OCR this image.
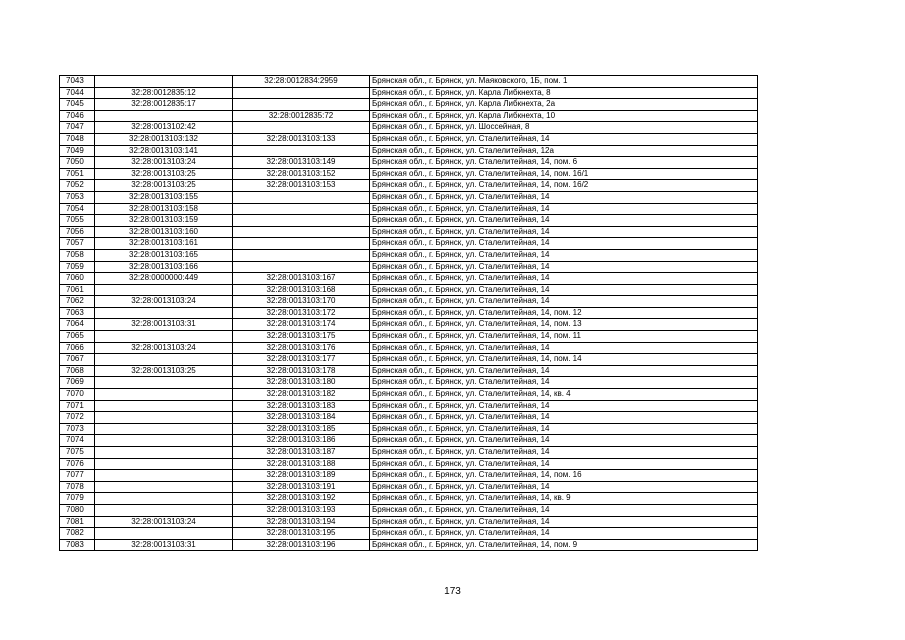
7043		32:28:0012834:2959	Брянская обл., г. Брянск, ул. Маяковского, 1Б, пом. 1
7044	32:28:0012835:12		Брянская обл., г. Брянск, ул. Карла Либкнехта, 8
7045	32:28:0012835:17		Брянская обл., г. Брянск, ул. Карла Либкнехта, 2а
7046		32:28:0012835:72	Брянская обл., г. Брянск, ул. Карла Либкнехта, 10
7047	32:28:0013102:42		Брянская обл., г. Брянск, ул. Шоссейная, 8
7048	32:28:0013103:132	32:28:0013103:133	Брянская обл., г. Брянск, ул. Сталелитейная, 14
7049	32:28:0013103:141		Брянская обл., г. Брянск, ул. Сталелитейная, 12а
7050	32:28:0013103:24	32:28:0013103:149	Брянская обл., г. Брянск, ул. Сталелитейная, 14, пом. 6
7051	32:28:0013103:25	32:28:0013103:152	Брянская обл., г. Брянск, ул. Сталелитейная, 14, пом. 16/1
7052	32:28:0013103:25	32:28:0013103:153	Брянская обл., г. Брянск, ул. Сталелитейная, 14, пом. 16/2
7053	32:28:0013103:155		Брянская обл., г. Брянск, ул. Сталелитейная, 14
7054	32:28:0013103:158		Брянская обл., г. Брянск, ул. Сталелитейная, 14
7055	32:28:0013103:159		Брянская обл., г. Брянск, ул. Сталелитейная, 14
7056	32:28:0013103:160		Брянская обл., г. Брянск, ул. Сталелитейная, 14
7057	32:28:0013103:161		Брянская обл., г. Брянск, ул. Сталелитейная, 14
7058	32:28:0013103:165		Брянская обл., г. Брянск, ул. Сталелитейная, 14
7059	32:28:0013103:166		Брянская обл., г. Брянск, ул. Сталелитейная, 14
7060	32:28:0000000:449	32:28:0013103:167	Брянская обл., г. Брянск, ул. Сталелитейная, 14
7061		32:28:0013103:168	Брянская обл., г. Брянск, ул. Сталелитейная, 14
7062	32:28:0013103:24	32:28:0013103:170	Брянская обл., г. Брянск, ул. Сталелитейная, 14
7063		32:28:0013103:172	Брянская обл., г. Брянск, ул. Сталелитейная, 14, пом. 12
7064	32:28:0013103:31	32:28:0013103:174	Брянская обл., г. Брянск, ул. Сталелитейная, 14, пом. 13
7065		32:28:0013103:175	Брянская обл., г. Брянск, ул. Сталелитейная, 14, пом. 11
7066	32:28:0013103:24	32:28:0013103:176	Брянская обл., г. Брянск, ул. Сталелитейная, 14
7067		32:28:0013103:177	Брянская обл., г. Брянск, ул. Сталелитейная, 14, пом. 14
7068	32:28:0013103:25	32:28:0013103:178	Брянская обл., г. Брянск, ул. Сталелитейная, 14
7069		32:28:0013103:180	Брянская обл., г. Брянск, ул. Сталелитейная, 14
7070		32:28:0013103:182	Брянская обл., г. Брянск, ул. Сталелитейная, 14, кв. 4
7071		32:28:0013103:183	Брянская обл., г. Брянск, ул. Сталелитейная, 14
7072		32:28:0013103:184	Брянская обл., г. Брянск, ул. Сталелитейная, 14
7073		32:28:0013103:185	Брянская обл., г. Брянск, ул. Сталелитейная, 14
7074		32:28:0013103:186	Брянская обл., г. Брянск, ул. Сталелитейная, 14
7075		32:28:0013103:187	Брянская обл., г. Брянск, ул. Сталелитейная, 14
7076		32:28:0013103:188	Брянская обл., г. Брянск, ул. Сталелитейная, 14
7077		32:28:0013103:189	Брянская обл., г. Брянск, ул. Сталелитейная, 14, пом. 16
7078		32:28:0013103:191	Брянская обл., г. Брянск, ул. Сталелитейная, 14
7079		32:28:0013103:192	Брянская обл., г. Брянск, ул. Сталелитейная, 14, кв. 9
7080		32:28:0013103:193	Брянская обл., г. Брянск, ул. Сталелитейная, 14
7081	32:28:0013103:24	32:28:0013103:194	Брянская обл., г. Брянск, ул. Сталелитейная, 14
7082		32:28:0013103:195	Брянская обл., г. Брянск, ул. Сталелитейная, 14
7083	32:28:0013103:31	32:28:0013103:196	Брянская обл., г. Брянск, ул. Сталелитейная, 14, пом. 9
173
